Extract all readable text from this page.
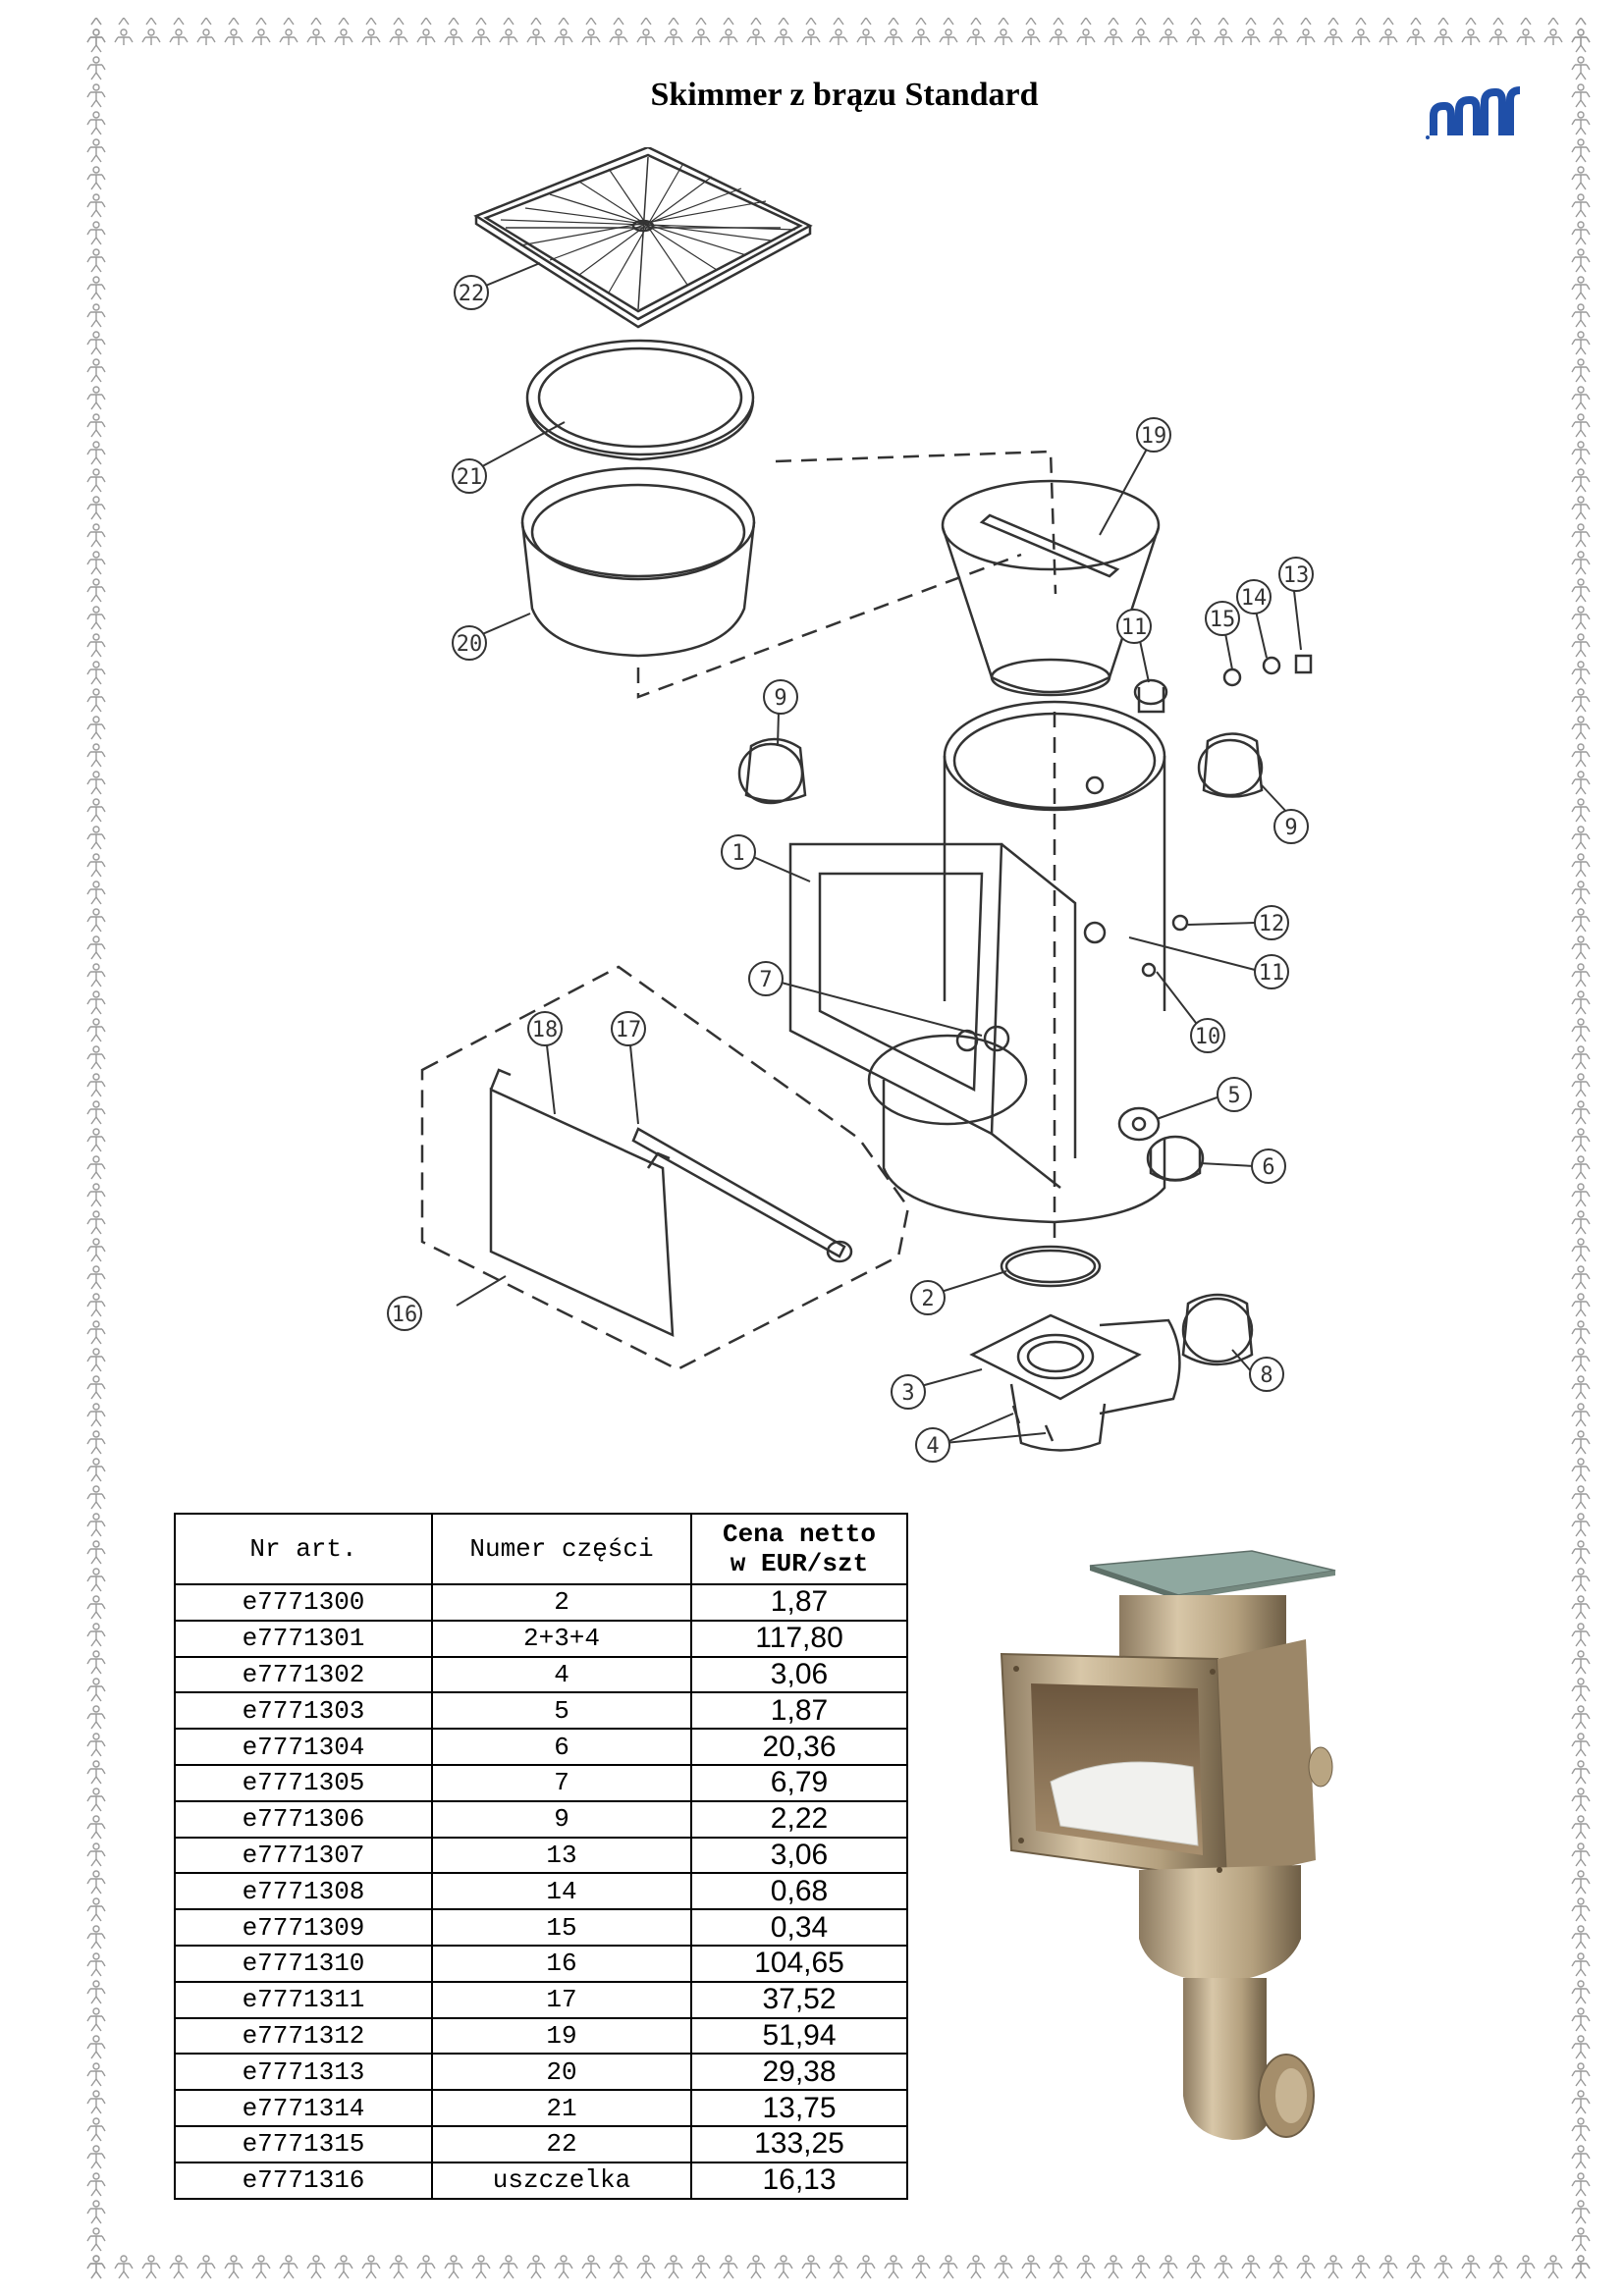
Skimmer z brązu Standard
22
21
20
19
11	15
14
13
9
9
1
12
11
7
10
5
6
18	17
16
2
8
3
4
Nr art.	Numer części	Cena netto
w EUR/szt

e7771300	2	1,87
e7771301	2+3+4	117,80
e7771302	4	3,06
e7771303	5	1,87
e7771304	6	20,36
e7771305	7	6,79
e7771306	9	2,22
e7771307	13	3,06
e7771308	14	0,68
e7771309	15	0,34
e7771310	16	104,65
e7771311	17	37,52
e7771312	19	51,94
e7771313	20	29,38
e7771314	21	13,75
e7771315	22	133,25
e7771316	uszczelka	16,13
